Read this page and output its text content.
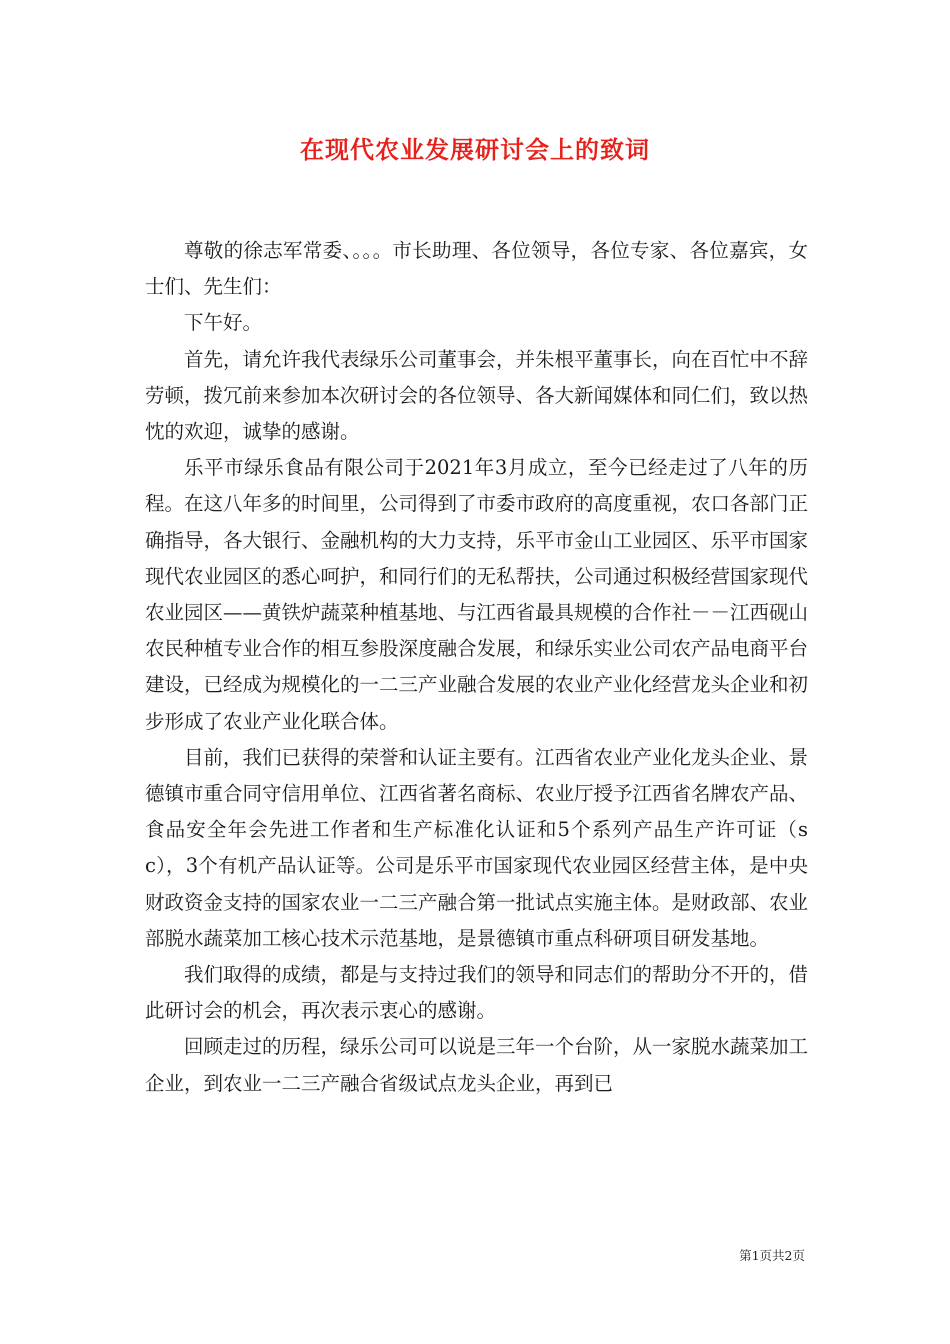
在现代农业发展研讨会上的致词

尊敬的徐志军常委、。。。市长助理、各位领导，各位专家、各位嘉宾，女士们、先生们：

下午好。

首先，请允许我代表绿乐公司董事会，并朱根平董事长，向在百忙中不辞劳顿，拨冗前来参加本次研讨会的各位领导、各大新闻媒体和同仁们，致以热忱的欢迎，诚挚的感谢。

乐平市绿乐食品有限公司于2021年3月成立，至今已经走过了八年的历程。在这八年多的时间里，公司得到了市委市政府的高度重视，农口各部门正确指导，各大银行、金融机构的大力支持，乐平市金山工业园区、乐平市国家现代农业园区的悉心呵护，和同行们的无私帮扶，公司通过积极经营国家现代农业园区——黄铁炉蔬菜种植基地、与江西省最具规模的合作社－－江西砚山农民种植专业合作的相互参股深度融合发展，和绿乐实业公司农产品电商平台建设，已经成为规模化的一二三产业融合发展的农业产业化经营龙头企业和初步形成了农业产业化联合体。

目前，我们已获得的荣誉和认证主要有。江西省农业产业化龙头企业、景德镇市重合同守信用单位、江西省著名商标、农业厅授予江西省名牌农产品、食品安全年会先进工作者和生产标准化认证和5个系列产品生产许可证（sc），3个有机产品认证等。公司是乐平市国家现代农业园区经营主体，是中央财政资金支持的国家农业一二三产融合第一批试点实施主体。是财政部、农业部脱水蔬菜加工核心技术示范基地，是景德镇市重点科研项目研发基地。

我们取得的成绩，都是与支持过我们的领导和同志们的帮助分不开的，借此研讨会的机会，再次表示衷心的感谢。

回顾走过的历程，绿乐公司可以说是三年一个台阶，从一家脱水蔬菜加工企业，到农业一二三产融合省级试点龙头企业，再到已

第1页共2页
